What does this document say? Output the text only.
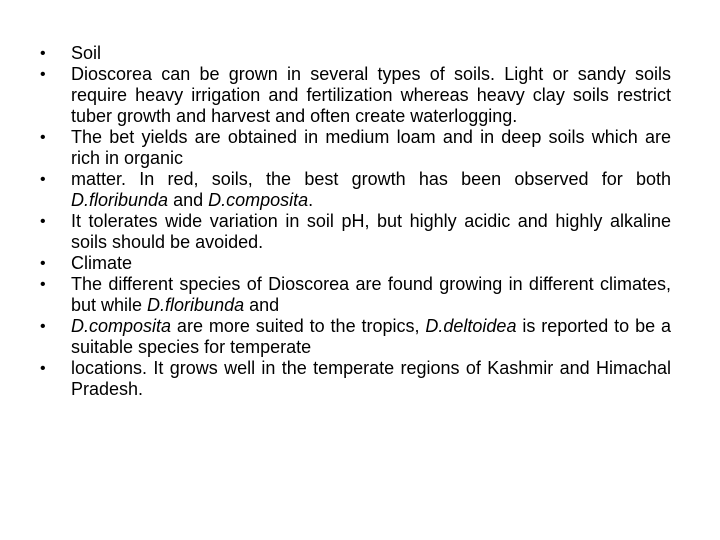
•	Soil
•	Dioscorea can be grown in several types of soils. Light or sandy soils require heavy irrigation and fertilization whereas heavy clay soils restrict tuber growth and harvest and often create waterlogging.
•	The bet yields are obtained in medium loam and in deep soils which are rich in organic
•	matter. In red, soils, the best growth has been observed for both D.floribunda and D.composita.
•	It tolerates wide variation in soil pH, but highly acidic and highly alkaline soils should be avoided.
•	Climate
•	The different species of Dioscorea are found growing in different climates, but while D.floribunda and
•	D.composita are more suited to the tropics, D.deltoidea is reported to be a suitable species for temperate
•	locations. It grows well in the temperate regions of Kashmir and Himachal Pradesh.
